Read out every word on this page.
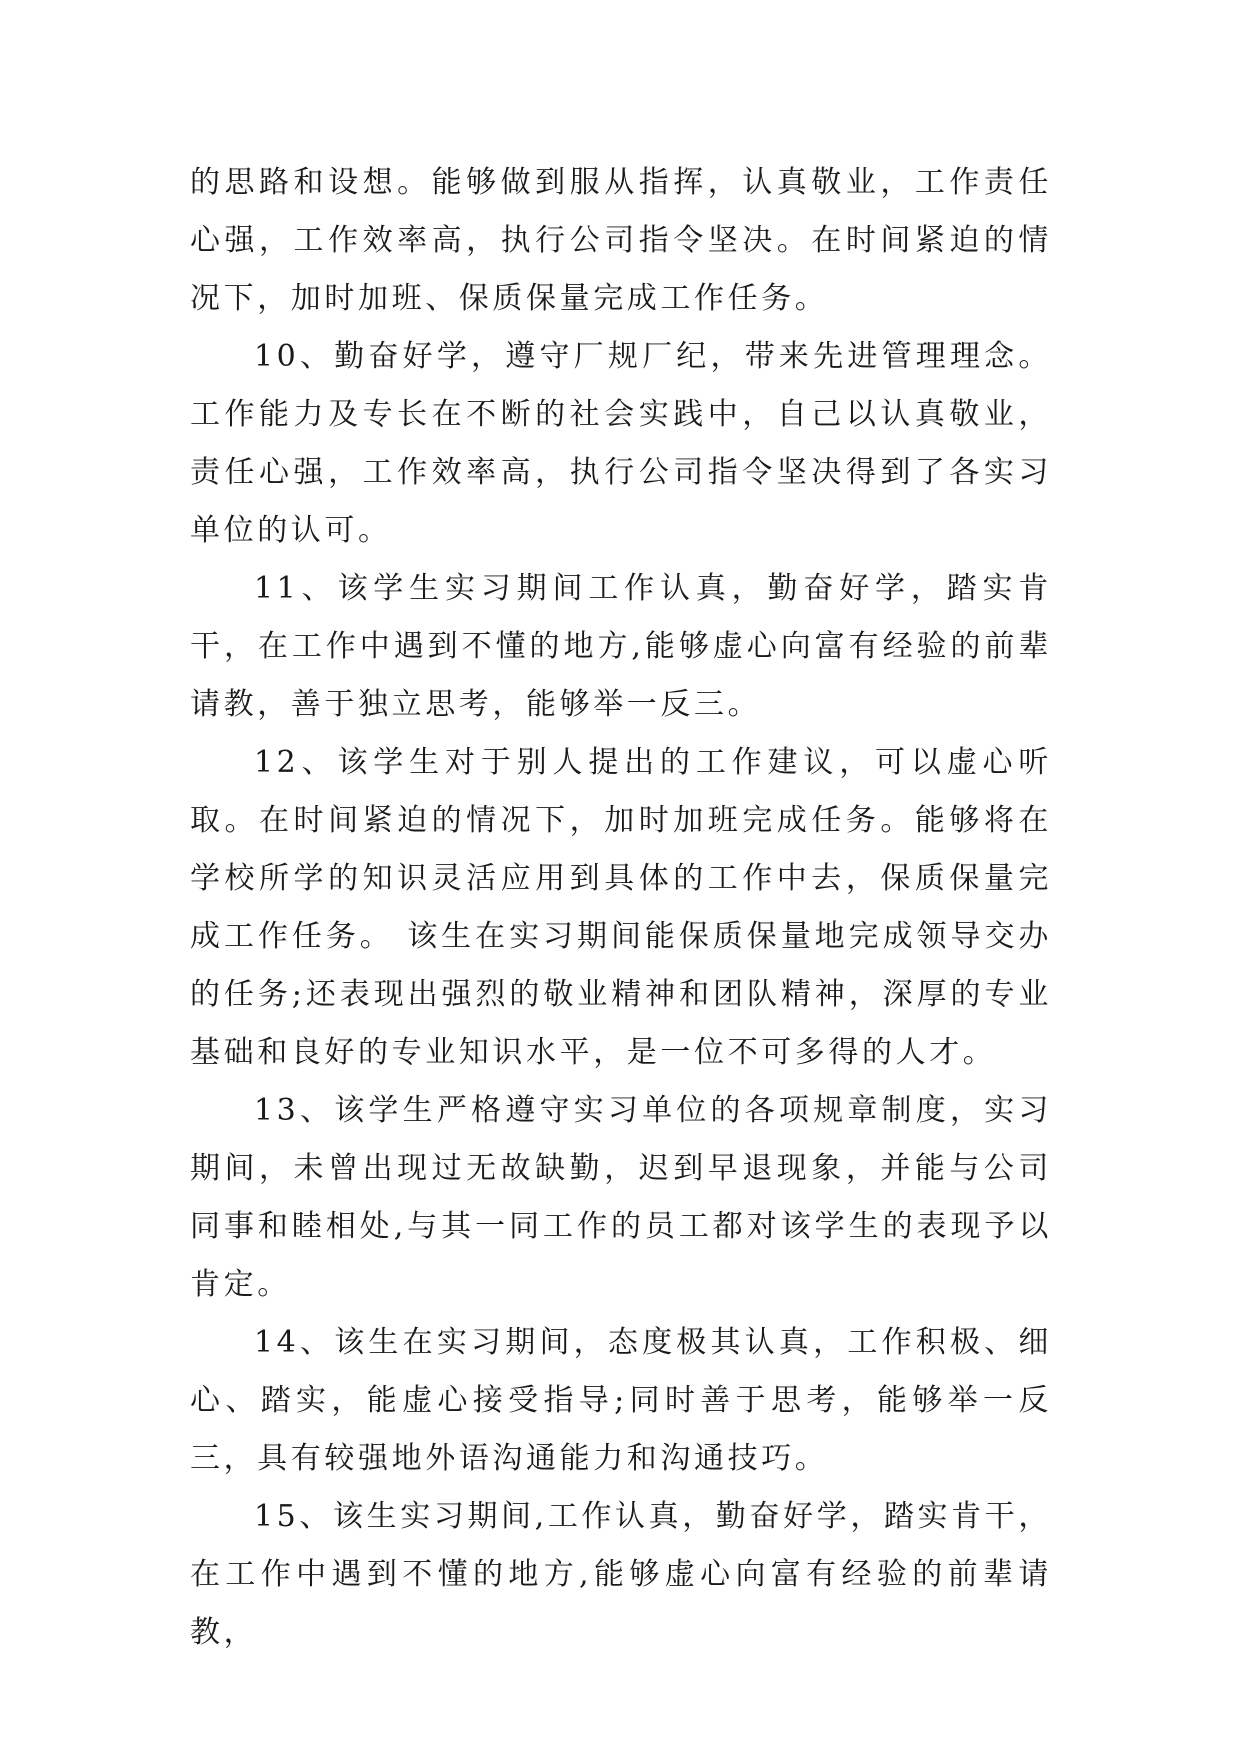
的思路和设想。能够做到服从指挥，认真敬业，工作责任心强，工作效率高，执行公司指令坚决。在时间紧迫的情况下，加时加班、保质保量完成工作任务。

10、勤奋好学，遵守厂规厂纪，带来先进管理理念。工作能力及专长在不断的社会实践中，自己以认真敬业，责任心强，工作效率高，执行公司指令坚决得到了各实习单位的认可。

11、该学生实习期间工作认真，勤奋好学，踏实肯干，在工作中遇到不懂的地方,能够虚心向富有经验的前辈请教，善于独立思考，能够举一反三。

12、该学生对于别人提出的工作建议，可以虚心听取。在时间紧迫的情况下，加时加班完成任务。能够将在学校所学的知识灵活应用到具体的工作中去，保质保量完成工作任务。 该生在实习期间能保质保量地完成领导交办的任务;还表现出强烈的敬业精神和团队精神，深厚的专业基础和良好的专业知识水平，是一位不可多得的人才。

13、该学生严格遵守实习单位的各项规章制度，实习期间，未曾出现过无故缺勤，迟到早退现象，并能与公司同事和睦相处,与其一同工作的员工都对该学生的表现予以肯定。

14、该生在实习期间，态度极其认真，工作积极、细心、踏实，能虚心接受指导;同时善于思考，能够举一反三，具有较强地外语沟通能力和沟通技巧。

15、该生实习期间,工作认真，勤奋好学，踏实肯干，在工作中遇到不懂的地方,能够虚心向富有经验的前辈请教，
